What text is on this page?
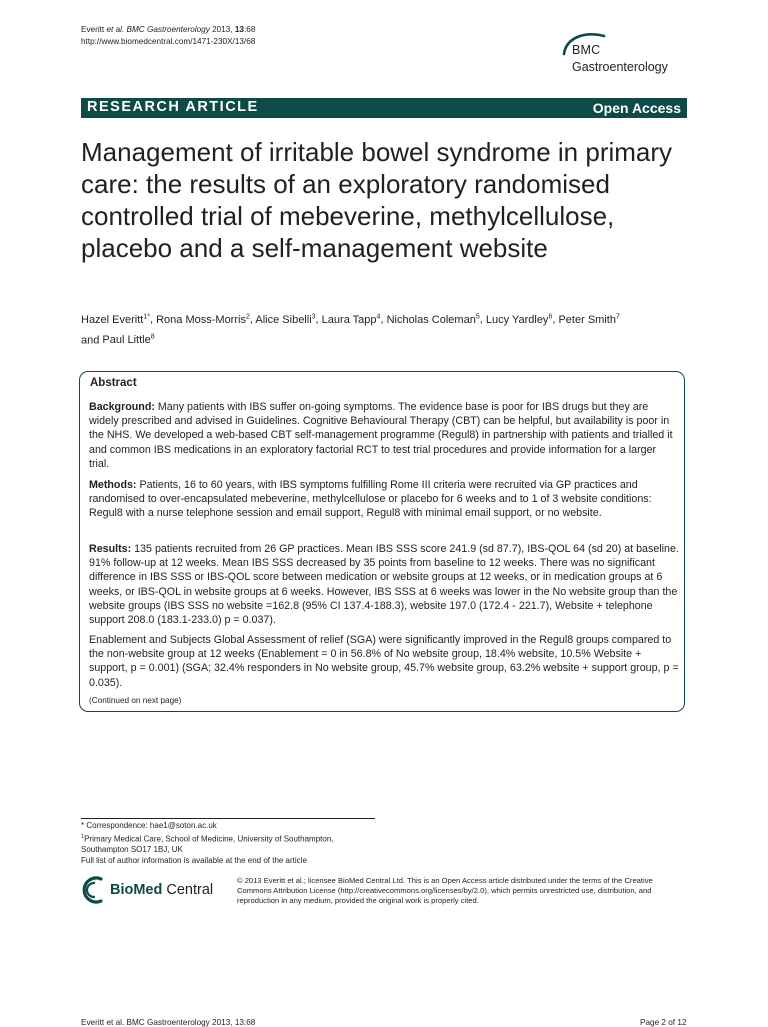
Everitt et al. BMC Gastroenterology 2013, 13:68
http://www.biomedcentral.com/1471-230X/13/68
BMC
Gastroenterology
RESEARCH ARTICLE	Open Access
Management of irritable bowel syndrome in primary care: the results of an exploratory randomised controlled trial of mebeverine, methylcellulose, placebo and a self-management website
Hazel Everitt$^{1*}$, Rona Moss-Morris$^2$, Alice Sibelli$^3$, Laura Tapp$^4$, Nicholas Coleman$^5$, Lucy Yardley$^6$, Peter Smith$^7$
and Paul Little$^8$
Abstract
Background: Many patients with IBS suffer on-going symptoms. The evidence base is poor for IBS drugs but they are widely prescribed and advised in Guidelines. Cognitive Behavioural Therapy (CBT) can be helpful, but availability is poor in the NHS. We developed a web-based CBT self-management programme (Regul8) in partnership with patients and trialled it and common IBS medications in an exploratory factorial RCT to test trial procedures and provide information for a larger trial.
Methods: Patients, 16 to 60 years, with IBS symptoms fulfilling Rome III criteria were recruited via GP practices and randomised to over-encapsulated mebeverine, methylcellulose or placebo for 6 weeks and to 1 of 3 website conditions: Regul8 with a nurse telephone session and email support, Regul8 with minimal email support, or no website.
Results: 135 patients recruited from 26 GP practices. Mean IBS SSS score 241.9 (sd 87.7), IBS-QOL 64 (sd 20) at baseline. 91% follow-up at 12 weeks. Mean IBS SSS decreased by 35 points from baseline to 12 weeks. There was no significant difference in IBS SSS or IBS-QOL score between medication or website groups at 12 weeks, or in medication groups at 6 weeks, or IBS-QOL in website groups at 6 weeks. However, IBS SSS at 6 weeks was lower in the No website group than the website groups (IBS SSS no website =162.8 (95% CI 137.4-188.3), website 197.0 (172.4 - 221.7), Website + telephone support 208.0 (183.1-233.0) p = 0.037).
Enablement and Subjects Global Assessment of relief (SGA) were significantly improved in the Regul8 groups compared to the non-website group at 12 weeks (Enablement = 0 in 56.8% of No website group, 18.4% website, 10.5% Website + support, p = 0.001) (SGA; 32.4% responders in No website group, 45.7% website group, 63.2% website + support group, p = 0.035).
(Continued on next page)
* Correspondence: hae1@soton.ac.uk
$^1$Primary Medical Care, School of Medicine, University of Southampton,
Southampton SO17 1BJ, UK
Full list of author information is available at the end of the article
BioMed Central
© 2013 Everitt et al.; licensee BioMed Central Ltd. This is an Open Access article distributed under the terms of the Creative Commons Attribution License (http://creativecommons.org/licenses/by/2.0), which permits unrestricted use, distribution, and reproduction in any medium, provided the original work is properly cited.
Everitt et al. BMC Gastroenterology 2013, 13:68	Page 2 of 12
